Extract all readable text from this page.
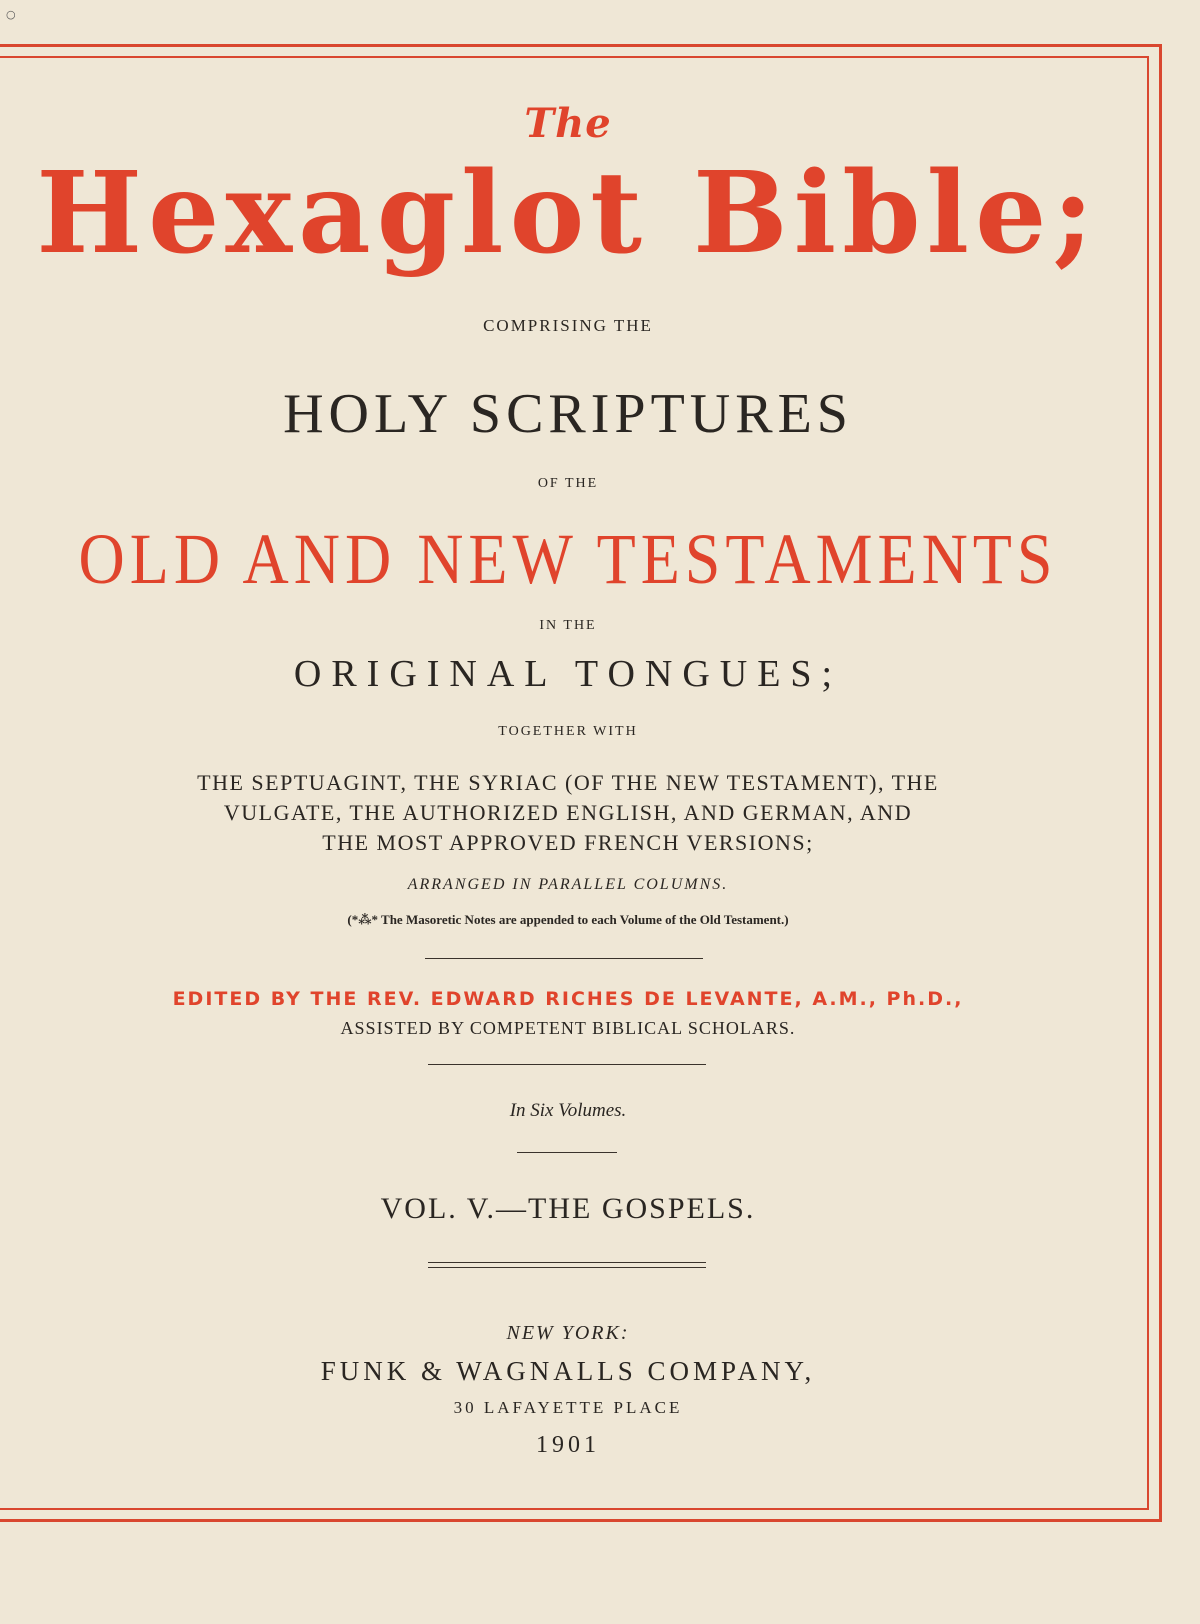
○
The
Hexaglot Bible;
COMPRISING THE
HOLY SCRIPTURES
OF THE
OLD AND NEW TESTAMENTS
IN THE
ORIGINAL TONGUES;
TOGETHER WITH
THE SEPTUAGINT, THE SYRIAC (OF THE NEW TESTAMENT), THE
VULGATE, THE AUTHORIZED ENGLISH, AND GERMAN, AND
THE MOST APPROVED FRENCH VERSIONS;
ARRANGED IN PARALLEL COLUMNS.
(*⁂* The Masoretic Notes are appended to each Volume of the Old Testament.)
EDITED BY THE REV. EDWARD RICHES DE LEVANTE, A.M., Ph.D.,
ASSISTED BY COMPETENT BIBLICAL SCHOLARS.
In Six Volumes.
VOL. V.—THE GOSPELS.
NEW YORK:
FUNK & WAGNALLS COMPANY,
30 LAFAYETTE PLACE
1901
